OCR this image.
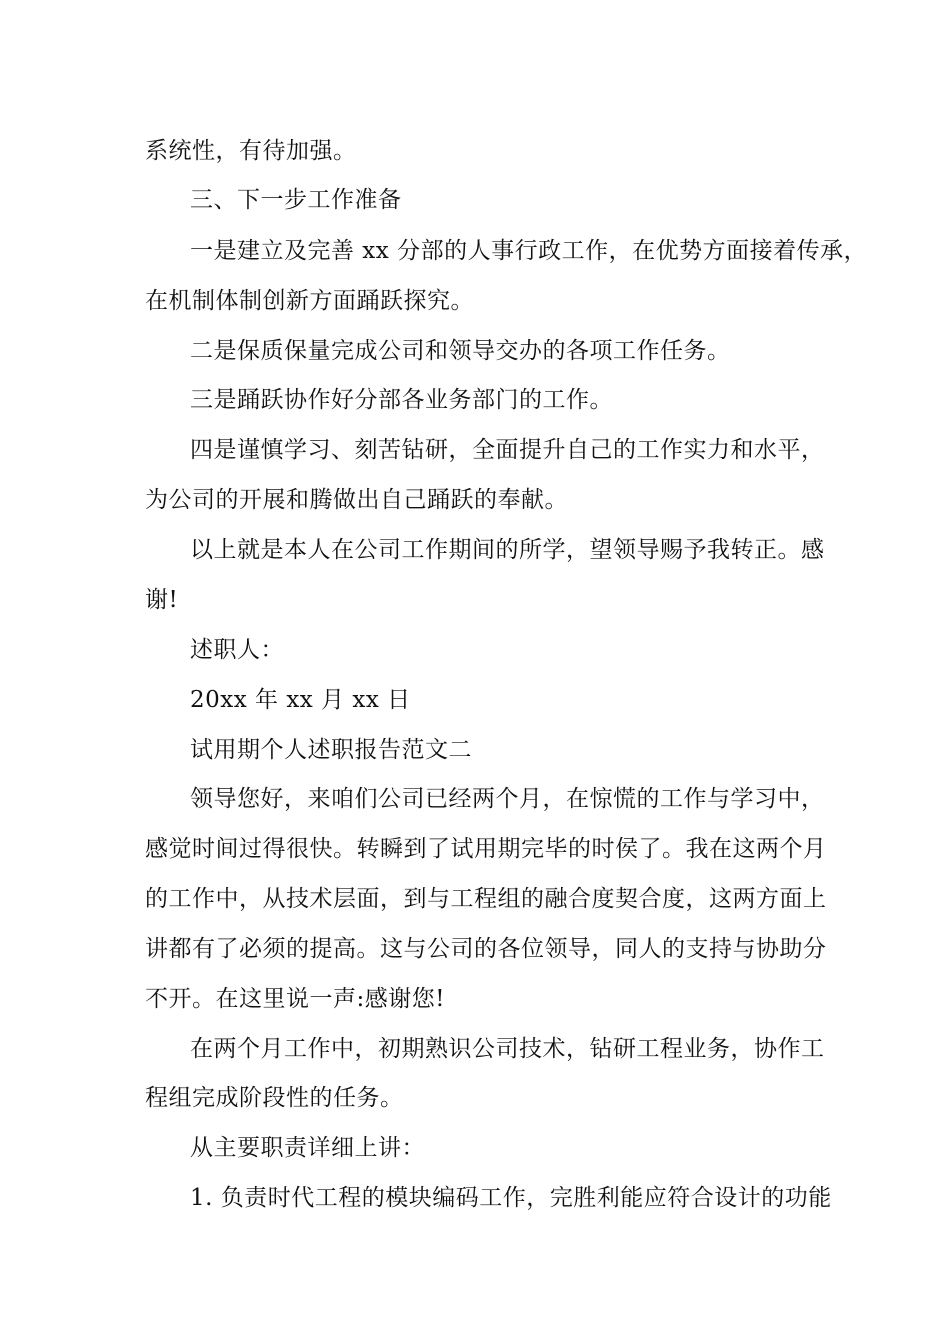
系统性，有待加强。
三、下一步工作准备
一是建立及完善 xx 分部的人事行政工作，在优势方面接着传承，
在机制体制创新方面踊跃探究。
二是保质保量完成公司和领导交办的各项工作任务。
三是踊跃协作好分部各业务部门的工作。
四是谨慎学习、刻苦钻研，全面提升自己的工作实力和水平，
为公司的开展和腾做出自己踊跃的奉献。
以上就是本人在公司工作期间的所学，望领导赐予我转正。感
谢!
述职人：
20xx 年 xx 月 xx 日
试用期个人述职报告范文二
领导您好，来咱们公司已经两个月，在惊慌的工作与学习中，
感觉时间过得很快。转瞬到了试用期完毕的时侯了。我在这两个月
的工作中，从技术层面，到与工程组的融合度契合度，这两方面上
讲都有了必须的提高。这与公司的各位领导，同人的支持与协助分
不开。在这里说一声:感谢您!
在两个月工作中，初期熟识公司技术，钻研工程业务，协作工
程组完成阶段性的任务。
从主要职责详细上讲：
1. 负责时代工程的模块编码工作，完胜利能应符合设计的功能
